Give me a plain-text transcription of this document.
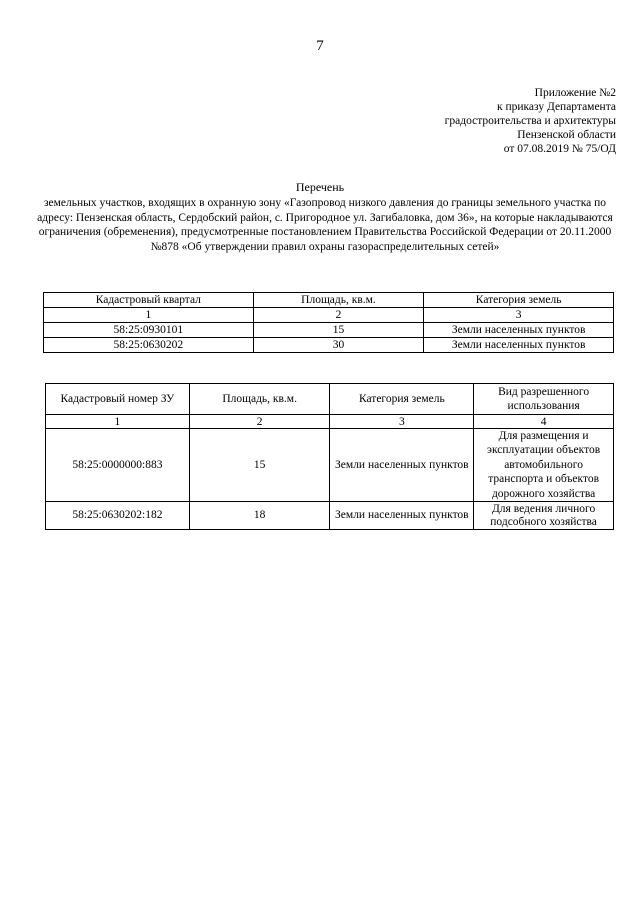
7
Приложение №2
к приказу Департамента
градостроительства и архитектуры
Пензенской области
от 07.08.2019 № 75/ОД
Перечень
земельных участков, входящих в охранную зону «Газопровод низкого давления до границы земельного участка по адресу: Пензенская область, Сердобский район, с. Пригородное ул. Загибаловка, дом 36», на которые накладываются ограничения (обременения), предусмотренные постановлением Правительства Российской Федерации от 20.11.2000 №878 «Об утверждении правил охраны газораспределительных сетей»
Кадастровый квартал	Площадь, кв.м.	Категория земель
1	2	3
58:25:0930101	15	Земли населенных пунктов
58:25:0630202	30	Земли населенных пунктов
Кадастровый номер ЗУ	Площадь, кв.м.	Категория земель	Вид разрешенного использования
1	2	3	4
58:25:0000000:883	15	Земли населенных пунктов	Для размещения и эксплуатации объектов автомобильного транспорта и объектов дорожного хозяйства
58:25:0630202:182	18	Земли населенных пунктов	Для ведения личного подсобного хозяйства
